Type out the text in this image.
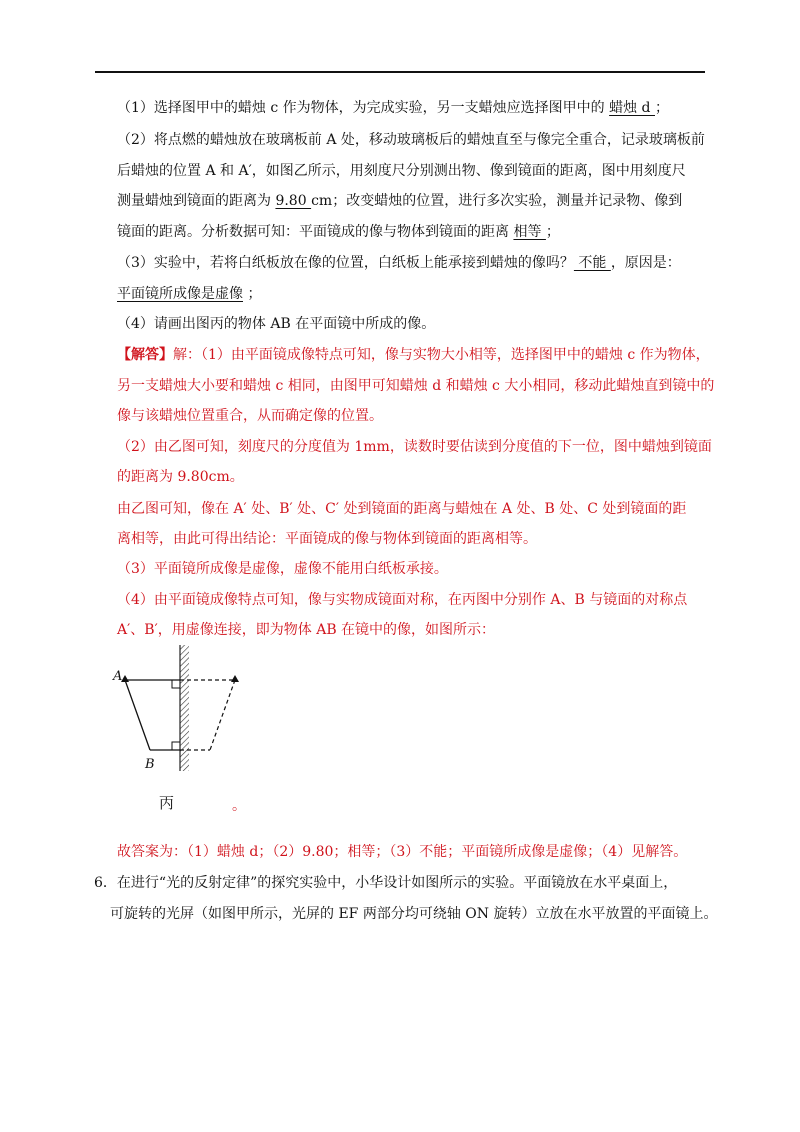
（1）选择图甲中的蜡烛 c 作为物体，为完成实验，另一支蜡烛应选择图甲中的 蜡烛 d ；
（2）将点燃的蜡烛放在玻璃板前 A 处，移动玻璃板后的蜡烛直至与像完全重合，记录玻璃板前
后蜡烛的位置 A 和 A′，如图乙所示，用刻度尺分别测出物、像到镜面的距离，图中用刻度尺
测量蜡烛到镜面的距离为 9.80 cm；改变蜡烛的位置，进行多次实验，测量并记录物、像到
镜面的距离。分析数据可知：平面镜成的像与物体到镜面的距离 相等 ；
（3）实验中，若将白纸板放在像的位置，白纸板上能承接到蜡烛的像吗？ 不能 ，原因是：
平面镜所成像是虚像 ；
（4）请画出图丙的物体 AB 在平面镜中所成的像。
【解答】解：（1）由平面镜成像特点可知，像与实物大小相等，选择图甲中的蜡烛 c 作为物体，
另一支蜡烛大小要和蜡烛 c 相同，由图甲可知蜡烛 d 和蜡烛 c 大小相同，移动此蜡烛直到镜中的
像与该蜡烛位置重合，从而确定像的位置。
（2）由乙图可知，刻度尺的分度值为 1mm，读数时要估读到分度值的下一位，图中蜡烛到镜面
的距离为 9.80cm。
由乙图可知，像在 A′ 处、B′ 处、C′ 处到镜面的距离与蜡烛在 A 处、B 处、C 处到镜面的距
离相等，由此可得出结论：平面镜成的像与物体到镜面的距离相等。
（3）平面镜所成像是虚像，虚像不能用白纸板承接。
（4）由平面镜成像特点可知，像与实物成镜面对称，在丙图中分别作 A、B 与镜面的对称点
A′、B′，用虚像连接，即为物体 AB 在镜中的像，如图所示：
A
B
丙	。
故答案为：（1）蜡烛 d；（2）9.80；相等；（3）不能；平面镜所成像是虚像；（4）见解答。
6．在进行“光的反射定律”的探究实验中，小华设计如图所示的实验。平面镜放在水平桌面上，
可旋转的光屏（如图甲所示，光屏的 EF 两部分均可绕轴 ON 旋转）立放在水平放置的平面镜上。
